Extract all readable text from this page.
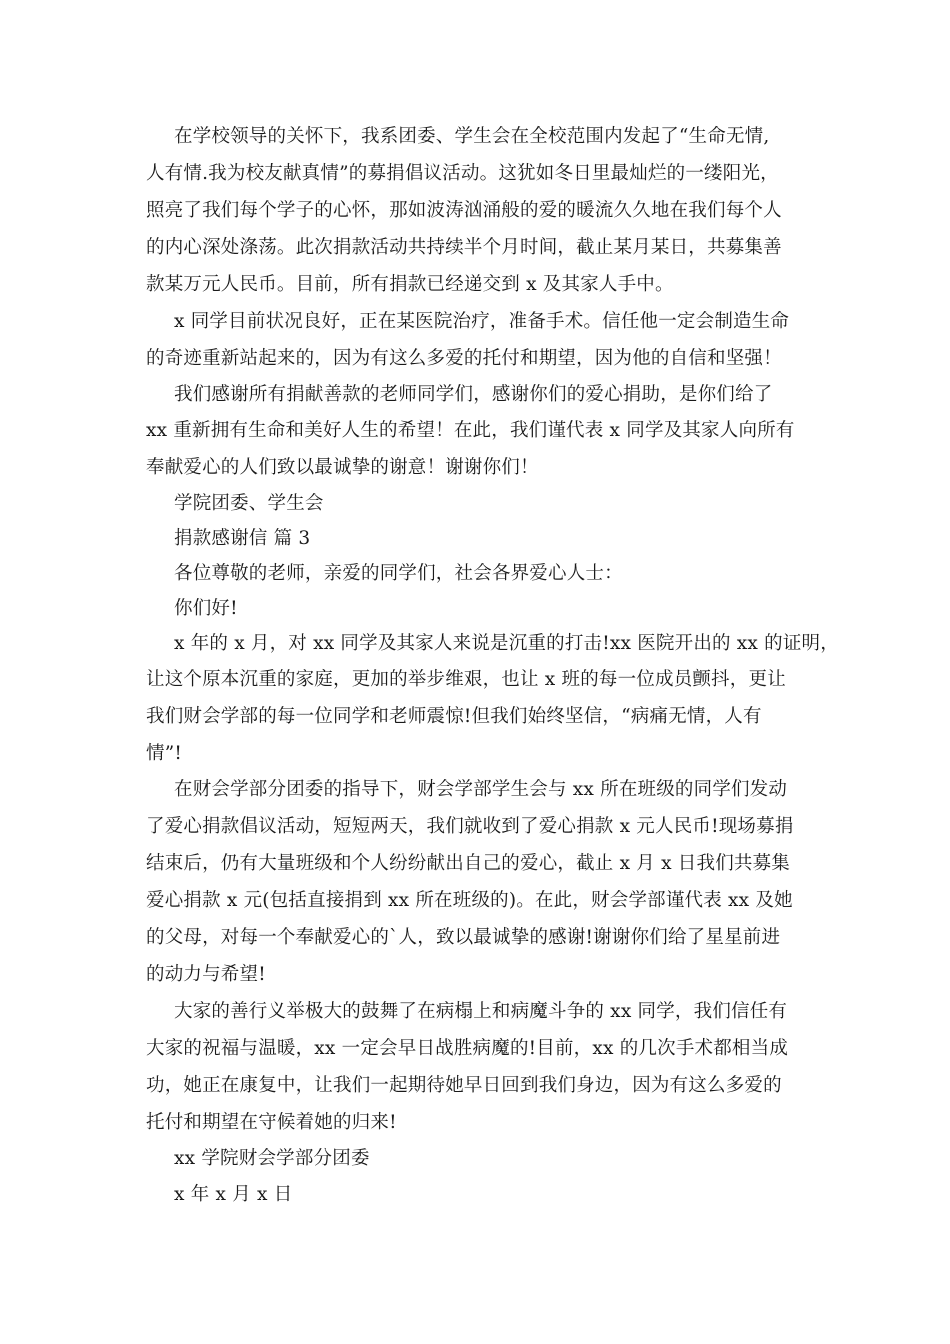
在学校领导的关怀下，我系团委、学生会在全校范围内发起了“生命无情,
人有情.我为校友献真情”的募捐倡议活动。这犹如冬日里最灿烂的一缕阳光，
照亮了我们每个学子的心怀，那如波涛汹涌般的爱的暖流久久地在我们每个人
的内心深处涤荡。此次捐款活动共持续半个月时间，截止某月某日，共募集善
款某万元人民币。目前，所有捐款已经递交到 x 及其家人手中。
x 同学目前状况良好，正在某医院治疗，准备手术。信任他一定会制造生命
的奇迹重新站起来的，因为有这么多爱的托付和期望，因为他的自信和坚强！
我们感谢所有捐献善款的老师同学们，感谢你们的爱心捐助，是你们给了
xx 重新拥有生命和美好人生的希望！在此，我们谨代表 x 同学及其家人向所有
奉献爱心的人们致以最诚挚的谢意！谢谢你们！
学院团委、学生会
捐款感谢信 篇 3
各位尊敬的老师，亲爱的同学们，社会各界爱心人士：
你们好!
x 年的 x 月，对 xx 同学及其家人来说是沉重的打击!xx 医院开出的 xx 的证明，
让这个原本沉重的家庭，更加的举步维艰，也让 x 班的每一位成员颤抖，更让
我们财会学部的每一位同学和老师震惊!但我们始终坚信，“病痛无情，人有
情”!
在财会学部分团委的指导下，财会学部学生会与 xx 所在班级的同学们发动
了爱心捐款倡议活动，短短两天，我们就收到了爱心捐款 x 元人民币!现场募捐
结束后，仍有大量班级和个人纷纷献出自己的爱心，截止 x 月 x 日我们共募集
爱心捐款 x 元(包括直接捐到 xx 所在班级的)。在此，财会学部谨代表 xx 及她
的父母，对每一个奉献爱心的`人，致以最诚挚的感谢!谢谢你们给了星星前进
的动力与希望!
大家的善行义举极大的鼓舞了在病榻上和病魔斗争的 xx 同学，我们信任有
大家的祝福与温暖，xx 一定会早日战胜病魔的!目前，xx 的几次手术都相当成
功，她正在康复中，让我们一起期待她早日回到我们身边，因为有这么多爱的
托付和期望在守候着她的归来!
xx 学院财会学部分团委
x 年 x 月 x 日
